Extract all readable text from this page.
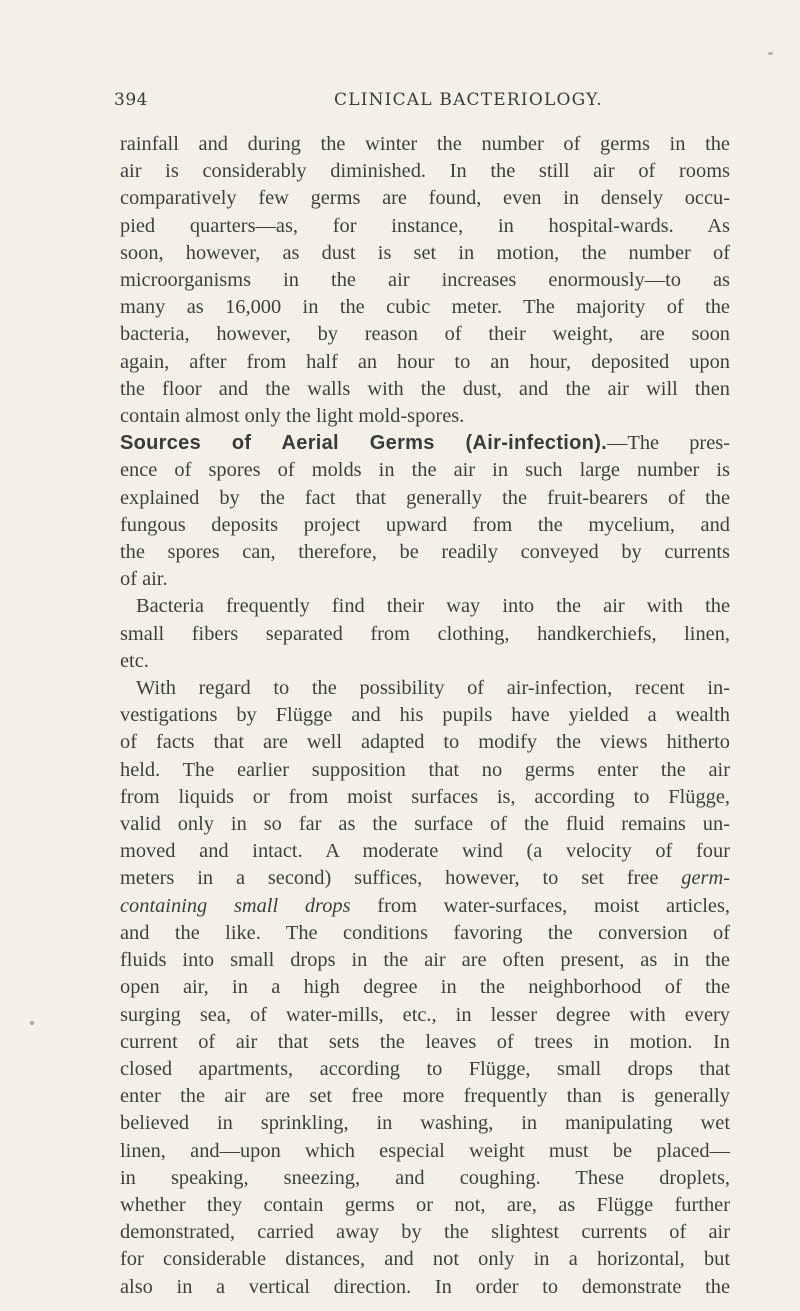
394	CLINICAL BACTERIOLOGY.

rainfall and during the winter the number of germs in the
air is considerably diminished. In the still air of rooms
comparatively few germs are found, even in densely occu-
pied quarters—as, for instance, in hospital-wards. As
soon, however, as dust is set in motion, the number of
microorganisms in the air increases enormously—to as
many as 16,000 in the cubic meter. The majority of the
bacteria, however, by reason of their weight, are soon
again, after from half an hour to an hour, deposited upon
the floor and the walls with the dust, and the air will then
contain almost only the light mold-spores.

Sources of Aerial Germs (Air-infection).—The pres-
ence of spores of molds in the air in such large number is
explained by the fact that generally the fruit-bearers of the
fungous deposits project upward from the mycelium, and
the spores can, therefore, be readily conveyed by currents
of air.

Bacteria frequently find their way into the air with the
small fibers separated from clothing, handkerchiefs, linen,
etc.

With regard to the possibility of air-infection, recent in-
vestigations by Flügge and his pupils have yielded a wealth
of facts that are well adapted to modify the views hitherto
held. The earlier supposition that no germs enter the air
from liquids or from moist surfaces is, according to Flügge,
valid only in so far as the surface of the fluid remains un-
moved and intact. A moderate wind (a velocity of four
meters in a second) suffices, however, to set free germ-
containing small drops from water-surfaces, moist articles,
and the like. The conditions favoring the conversion of
fluids into small drops in the air are often present, as in the
open air, in a high degree in the neighborhood of the
surging sea, of water-mills, etc., in lesser degree with every
current of air that sets the leaves of trees in motion. In
closed apartments, according to Flügge, small drops that
enter the air are set free more frequently than is generally
believed in sprinkling, in washing, in manipulating wet
linen, and—upon which especial weight must be placed—
in speaking, sneezing, and coughing. These droplets,
whether they contain germs or not, are, as Flügge further
demonstrated, carried away by the slightest currents of air
for considerable distances, and not only in a horizontal, but
also in a vertical direction. In order to demonstrate the
